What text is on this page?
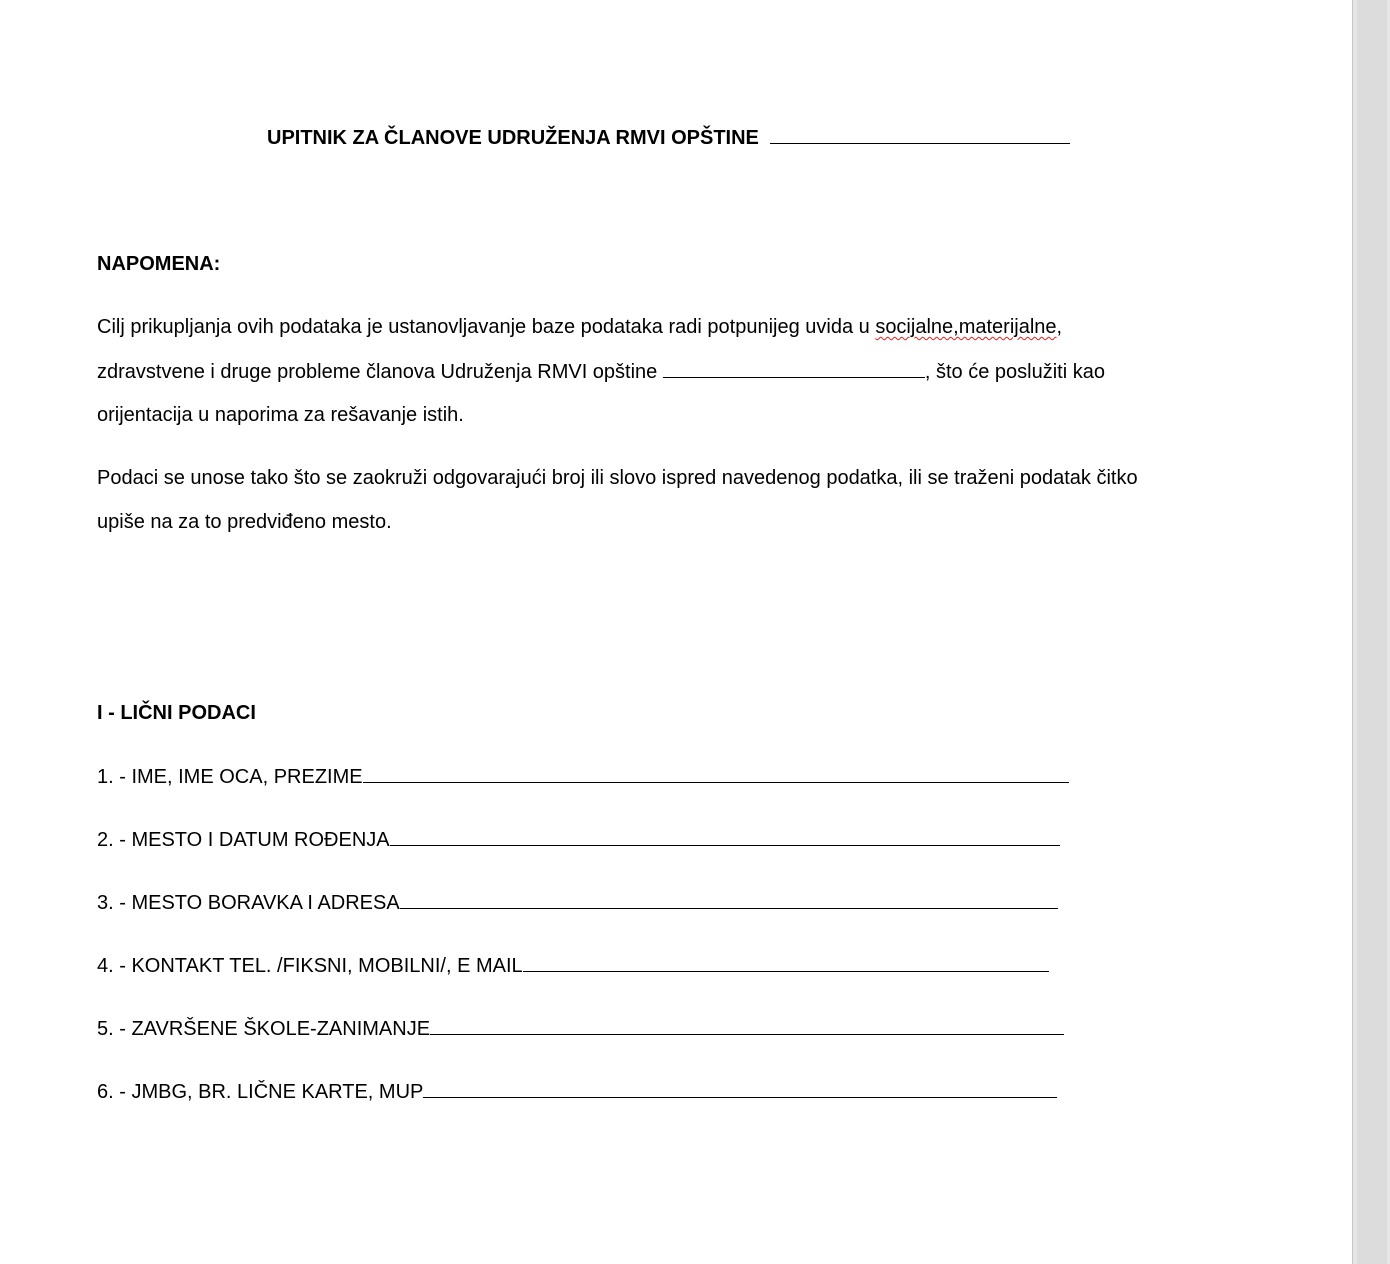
UPITNIK ZA ČLANOVE UDRUŽENJA RMVI OPŠTINE
NAPOMENA:
Cilj prikupljanja ovih podataka je ustanovljavanje baze podataka radi potpunijeg uvida u socijalne,materijalne,
zdravstvene i druge probleme članova Udruženja RMVI opštine	, što će poslužiti kao
orijentacija u naporima za rešavanje istih.
Podaci se unose tako što se zaokruži odgovarajući broj ili slovo ispred navedenog podatka, ili se traženi podatak čitko
upiše na za to predviđeno mesto.
I - LIČNI PODACI
1. - IME, IME OCA, PREZIME
2. - MESTO I DATUM ROĐENJA
3. - MESTO BORAVKA I ADRESA
4. - KONTAKT TEL. /FIKSNI, MOBILNI/, E MAIL
5. - ZAVRŠENE ŠKOLE-ZANIMANJE
6. - JMBG, BR. LIČNE KARTE, MUP
